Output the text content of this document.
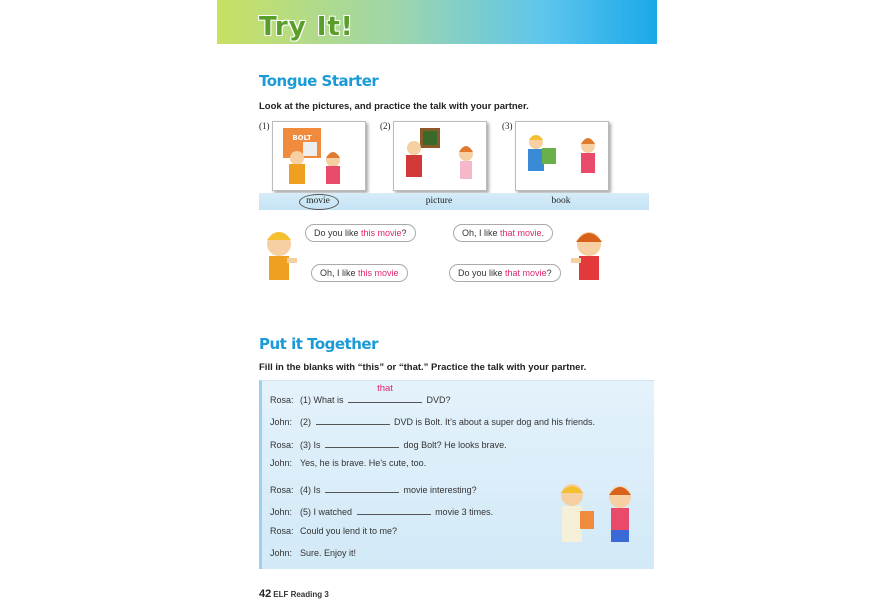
Try It!
Tongue Starter
Look at the pictures, and practice the talk with your partner.
(1)
BOLT
(2)	(3)
movie	picture	book
Do you like this movie?
Oh, I like this movie
Oh, I like that movie.
Do you like that movie?
Put it Together
Fill in the blanks with “this” or “that.” Practice the talk with your partner.
Rosa: (1) What is
that
DVD?
John: (2)	DVD is Bolt. It’s about a super dog and his friends.
Rosa: (3) Is	dog Bolt? He looks brave.
John: Yes, he is brave. He’s cute, too.
Rosa: (4) Is	movie interesting?
John: (5) I watched	movie 3 times.
Rosa: Could you lend it to me?
John: Sure. Enjoy it!
42 ELF Reading 3
